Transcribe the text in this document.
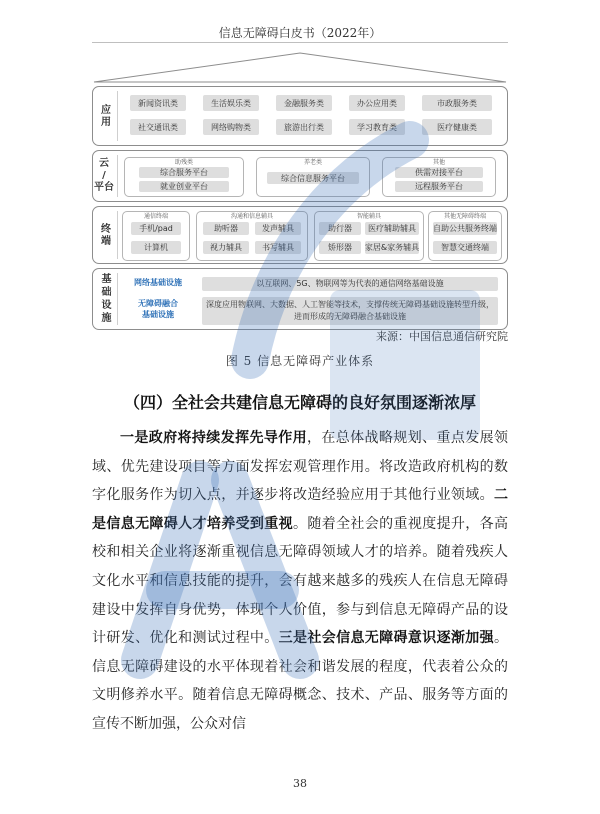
信息无障碍白皮书（2022年）
应用
新闻资讯类	生活娱乐类	金融服务类	办公应用类	市政服务类
社交通讯类	网络购物类	旅游出行类	学习教育类	医疗健康类
云
/
平台
助残类
综合服务平台
就业创业平台
养老类
综合信息服务平台
其他
供需对接平台
远程服务平台
终端
通信终端
手机/pad
计算机
沟通和信息辅具
助听器	发声辅具
视力辅具	书写辅具
智能辅具
助行器	医疗辅助辅具
矫形器	家居&家务辅具
其他无障碍终端
自助公共服务终端
智慧交通终端
基础设施	网络基础设施	以互联网、5G、物联网等为代表的通信网络基础设施
无障碍融合
基础设施
深度应用物联网、大数据、人工智能等技术，支撑传统无障碍基础设施转型升级，
进而形成的无障碍融合基础设施
来源：中国信息通信研究院
图 5 信息无障碍产业体系
（四）全社会共建信息无障碍的良好氛围逐渐浓厚

一是政府将持续发挥先导作用，在总体战略规划、重点发展领域、优先建设项目等方面发挥宏观管理作用。将改造政府机构的数字化服务作为切入点，并逐步将改造经验应用于其他行业领域。二是信息无障碍人才培养受到重视。随着全社会的重视度提升，各高校和相关企业将逐渐重视信息无障碍领域人才的培养。随着残疾人文化水平和信息技能的提升，会有越来越多的残疾人在信息无障碍建设中发挥自身优势，体现个人价值，参与到信息无障碍产品的设计研发、优化和测试过程中。三是社会信息无障碍意识逐渐加强。信息无障碍建设的水平体现着社会和谐发展的程度，代表着公众的文明修养水平。随着信息无障碍概念、技术、产品、服务等方面的宣传不断加强，公众对信

38
